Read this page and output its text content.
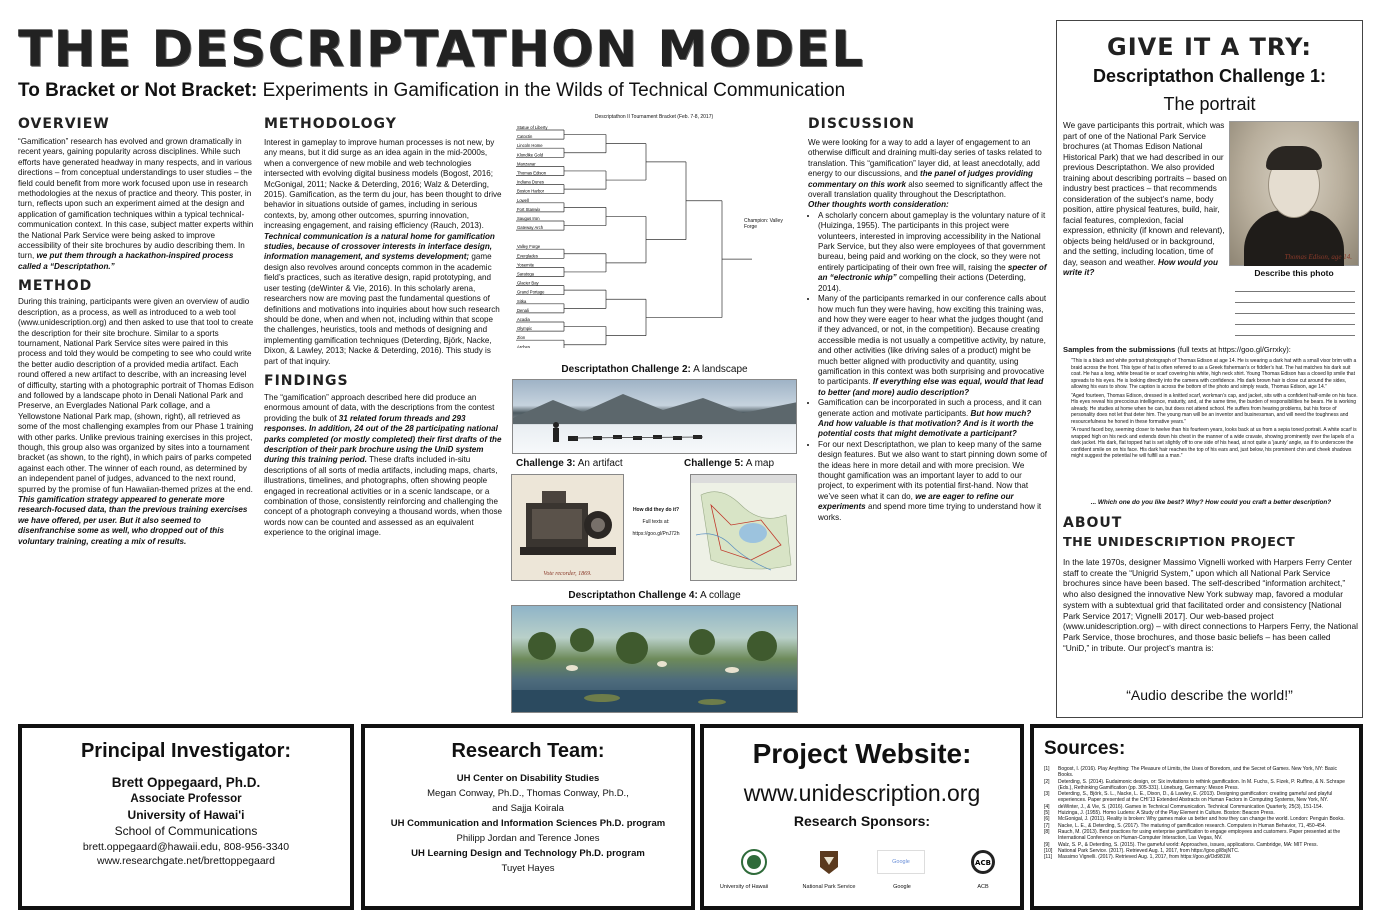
THE DESCRIPTATHON MODEL
To Bracket or Not Bracket: Experiments in Gamification in the Wilds of Technical Communication
OVERVIEW

“Gamification” research has evolved and grown dramatically in recent years, gaining popularity across disciplines. While such efforts have generated headway in many respects, and in various directions – from conceptual understandings to user studies – the field could benefit from more work focused upon use in research methodologies at the nexus of practice and theory. This poster, in turn, reflects upon such an experiment aimed at the design and application of gamification techniques within a typical technical-communication context. In this case, subject matter experts within the National Park Service were being asked to improve accessibility of their site brochures by audio describing them. In turn, we put them through a hackathon-inspired process called a “Descriptathon.”

METHOD

During this training, participants were given an overview of audio description, as a process, as well as introduced to a web tool (www.unidescription.org) and then asked to use that tool to create the description for their site brochure. Similar to a sports tournament, National Park Service sites were paired in this process and told they would be competing to see who could write the better audio description of a provided media artifact. Each round offered a new artifact to describe, with an increasing level of difficulty, starting with a photographic portrait of Thomas Edison and followed by a landscape photo in Denali National Park and Preserve, an Everglades National Park collage, and a Yellowstone National Park map, (shown, right), all retrieved as some of the most challenging examples from our Phase 1 training with other parks. Unlike previous training exercises in this project, though, this group also was organized by sites into a tournament bracket (as shown, to the right), in which pairs of parks competed against each other. The winner of each round, as determined by an independent panel of judges, advanced to the next round, spurred by the promise of fun Hawaiian-themed prizes at the end. This gamification strategy appeared to generate more research-focused data, than the previous training exercises we have offered, per user. But it also seemed to disenfranchise some as well, who dropped out of this voluntary training, creating a mix of results.

METHODOLOGY

Interest in gameplay to improve human processes is not new, by any means, but it did surge as an idea again in the mid-2000s, when a convergence of new mobile and web technologies intersected with evolving digital business models (Bogost, 2016; McGonigal, 2011; Nacke & Deterding, 2016; Walz & Deterding, 2015). Gamification, as the term du jour, has been thought to drive behavior in situations outside of games, including in serious contexts, by, among other outcomes, spurring innovation, increasing engagement, and raising efficiency (Rauch, 2013). Technical communication is a natural home for gamification studies, because of crossover interests in interface design, information management, and systems development; game design also revolves around concepts common in the academic field’s practices, such as iterative design, rapid prototyping, and user testing (deWinter & Vie, 2016). In this scholarly arena, researchers now are moving past the fundamental questions of definitions and motivations into inquiries about how such research should be done, when and when not, including within that scope the challenges, heuristics, tools and methods of designing and implementing gamification techniques (Deterding, Björk, Nacke, Dixon, & Lawley, 2013; Nacke & Deterding, 2016). This study is part of that inquiry.

FINDINGS

The “gamification” approach described here did produce an enormous amount of data, with the descriptions from the contest providing the bulk of 31 related forum threads and 293 responses. In addition, 24 out of the 28 participating national parks completed (or mostly completed) their first drafts of the description of their park brochure using the UniD system during this training period. These drafts included in-situ descriptions of all sorts of media artifacts, including maps, charts, illustrations, timelines, and photographs, often showing people engaged in recreational activities or in a scenic landscape, or a combination of those, consistently reinforcing and challenging the concept of a photograph conveying a thousand words, when those words now can be counted and assessed as an equivalent experience to the original image.

Descriptathon II Tournament Bracket (Feb. 7-8, 2017)
Statue of Liberty
Catoctin
Lincoln Home
Klondike Gold
Manzanar
Thomas Edison
Indiana Dunes
Boston Harbor
Lowell
Fort Stanwix
Saugus Iron
Gateway Arch
Valley Forge
Everglades
Yosemite
Saratoga
Glacier Bay
Grand Portage
Sitka
Denali
Acadia
Olympic
Zion
Arches
Champion: Valley Forge
Descriptathon Challenge 2: A landscape
Challenge 3: An artifact	Challenge 5: A map
Vote recorder, 1869.
How did they do it?
Full texts at:
https://goo.gl/PnJ72h
Descriptathon Challenge 4: A collage
DISCUSSION

We were looking for a way to add a layer of engagement to an otherwise difficult and draining multi-day series of tasks related to translation. This “gamification” layer did, at least anecdotally, add energy to our discussions, and the panel of judges providing commentary on this work also seemed to significantly affect the overall translation quality throughout the Descriptathon.

Other thoughts worth consideration:

• A scholarly concern about gameplay is the voluntary nature of it (Huizinga, 1955). The participants in this project were volunteers, interested in improving accessibility in the National Park Service, but they also were employees of that government bureau, being paid and working on the clock, so they were not entirely participating of their own free will, raising the specter of an “electronic whip” compelling their actions (Deterding, 2014).
• Many of the participants remarked in our conference calls about how much fun they were having, how exciting this training was, and how they were eager to hear what the judges thought (and if they advanced, or not, in the competition). Because creating accessible media is not usually a competitive activity, by nature, and other activities (like driving sales of a product) might be much better aligned with productivity and quantity, using gamification in this context was both surprising and provocative to participants. If everything else was equal, would that lead to better (and more) audio description?
• Gamification can be incorporated in such a process, and it can generate action and motivate participants. But how much? And how valuable is that motivation? And is it worth the potential costs that might demotivate a participant?
• For our next Descriptathon, we plan to keep many of the same design features. But we also want to start pinning down some of the ideas here in more detail and with more precision. We thought gamification was an important layer to add to our project, to experiment with its potential first-hand. Now that we’ve seen what it can do, we are eager to refine our experiments and spend more time trying to understand how it works.
GIVE IT A TRY:
Descriptathon Challenge 1:
The portrait

We gave participants this portrait, which was part of one of the National Park Service brochures (at Thomas Edison National Historical Park) that we had described in our previous Descriptathon. We also provided training about describing portraits – based on industry best practices – that recommends consideration of the subject’s name, body position, attire physical features, build, hair, facial features, complexion, facial expression, ethnicity (if known and relevant), objects being held/used or in background, and the setting, including location, time of day, season and weather. How would you write it?

Thomas Edison, age 14.
Describe this photo
Samples from the submissions (full texts at https://goo.gl/Grrxky):
“This is a black and white portrait photograph of Thomas Edison at age 14. He is wearing a dark hat with a small visor brim with a braid across the front. This type of hat is often referred to as a Greek fisherman’s or fiddler’s hat. The hat matches his dark suit coat. He has a long, white bread tie or scarf covering his white, high neck shirt. Young Thomas Edison has a closed lip smile that spreads to his eyes. He is looking directly into the camera with confidence. His dark brown hair is close cut around the sides, allowing his ears to show. The caption is across the bottom of the photo and simply reads, Thomas Edison, age 14.”
“Aged fourteen, Thomas Edison, dressed in a knitted scarf, workman’s cap, and jacket, sits with a confident half-smile on his face. His eyes reveal his precocious intelligence, maturity, and, at the same time, the burden of responsibilities he bears. He is working already. He studies at home when he can, but does not attend school. He suffers from hearing problems, but his force of personality does not let that deter him. The young man will be an inventor and businessman, and will need the toughness and resourcefulness he honed in these formative years.”
“A round faced boy, seeming closer to twelve than his fourteen years, looks back at us from a sepia toned portrait. A white scarf is wrapped high on his neck and extends down his chest in the manner of a wide cravate, showing prominently over the lapels of a dark jacket. His dark, flat topped hat is set slightly off to one side of his head, at not quite a ‘jaunty’ angle, as if to underscore the confident smile on on his face. His dark hair reaches the top of his ears and, just below, his prominent chin and cheek shadows might suggest the potential he will fulfill as a man.”
... Which one do you like best? Why? How could you craft a better description?
ABOUT
THE UNIDESCRIPTION PROJECT

In the late 1970s, designer Massimo Vignelli worked with Harpers Ferry Center staff to create the “Unigrid System,” upon which all National Park Service brochures since have been based. The self-described “information architect,” who also designed the innovative New York subway map, favored a modular system with a subtextual grid that facilitated order and consistency [National Park Service 2017; Vignelli 2017]. Our web-based project (www.unidescription.org) – with direct connections to Harpers Ferry, the National Park Service, those brochures, and those basic beliefs – has been called “UniD,” in tribute. Our project’s mantra is:

“Audio describe the world!”
Principal Investigator:
Brett Oppegaard, Ph.D.
Associate Professor
University of Hawai'i
School of Communications
brett.oppegaard@hawaii.edu, 808-956-3340
www.researchgate.net/brettoppegaard
Research Team:
UH Center on Disability Studies
Megan Conway, Ph.D., Thomas Conway, Ph.D.,
and Sajja Koirala
UH Communication and Information Sciences Ph.D. program
Philipp Jordan and Terence Jones
UH Learning Design and Technology Ph.D. program
Tuyet Hayes
Project Website:
www.unidescription.org
Research Sponsors:
Google	ACB
University of Hawaii	National Park Service	Google	ACB
Sources:
[1]	Bogost, I. (2016). Play Anything: The Pleasure of Limits, the Uses of Boredom, and the Secret of Games. New York, NY: Basic Books.
[2]	Deterding, S. (2014). Eudaimonic design, or: Six invitations to rethink gamification. In M. Fuchs, S. Fizek, P. Ruffino, & N. Schrape (Eds.), Rethinking Gamification (pp. 305-331). Lüneburg, Germany: Meson Press.
[3]	Deterding, S., Björk, S. L., Nacke, L. E., Dixon, D., & Lawley, E. (2013). Designing gamification: creating gameful and playful experiences. Paper presented at the CHI’13 Extended Abstracts on Human Factors in Computing Systems, New York, NY.
[4]	deWinter, J., & Vie, S. (2016). Games in Technical Communication. Technical Communication Quarterly, 25(3), 151-154.
[5]	Huizinga, J. (1955). Homo Ludens: A Study of the Play Element in Culture. Boston: Beacon Press.
[6]	McGonigal, J. (2011). Reality is broken: Why games make us better and how they can change the world. London: Penguin Books.
[7]	Nacke, L. E., & Deterding, S. (2017). The maturing of gamification research. Computers in Human Behavior, 71, 450-454.
[8]	Rauch, M. (2013). Best practices for using enterprise gamification to engage employees and customers. Paper presented at the International Conference on Human-Computer Interaction, Las Vegas, NV.
[9]	Walz, S. P., & Deterding, S. (2015). The gameful world: Approaches, issues, applications. Cambridge, MA: MIT Press.
[10]	National Park Service. (2017). Retrieved Aug. 1, 2017, from https://goo.gl/8sjNTC.
[11]	Massimo Vignelli. (2017). Retrieved Aug. 1, 2017, from https://goo.gl/Od981W.
